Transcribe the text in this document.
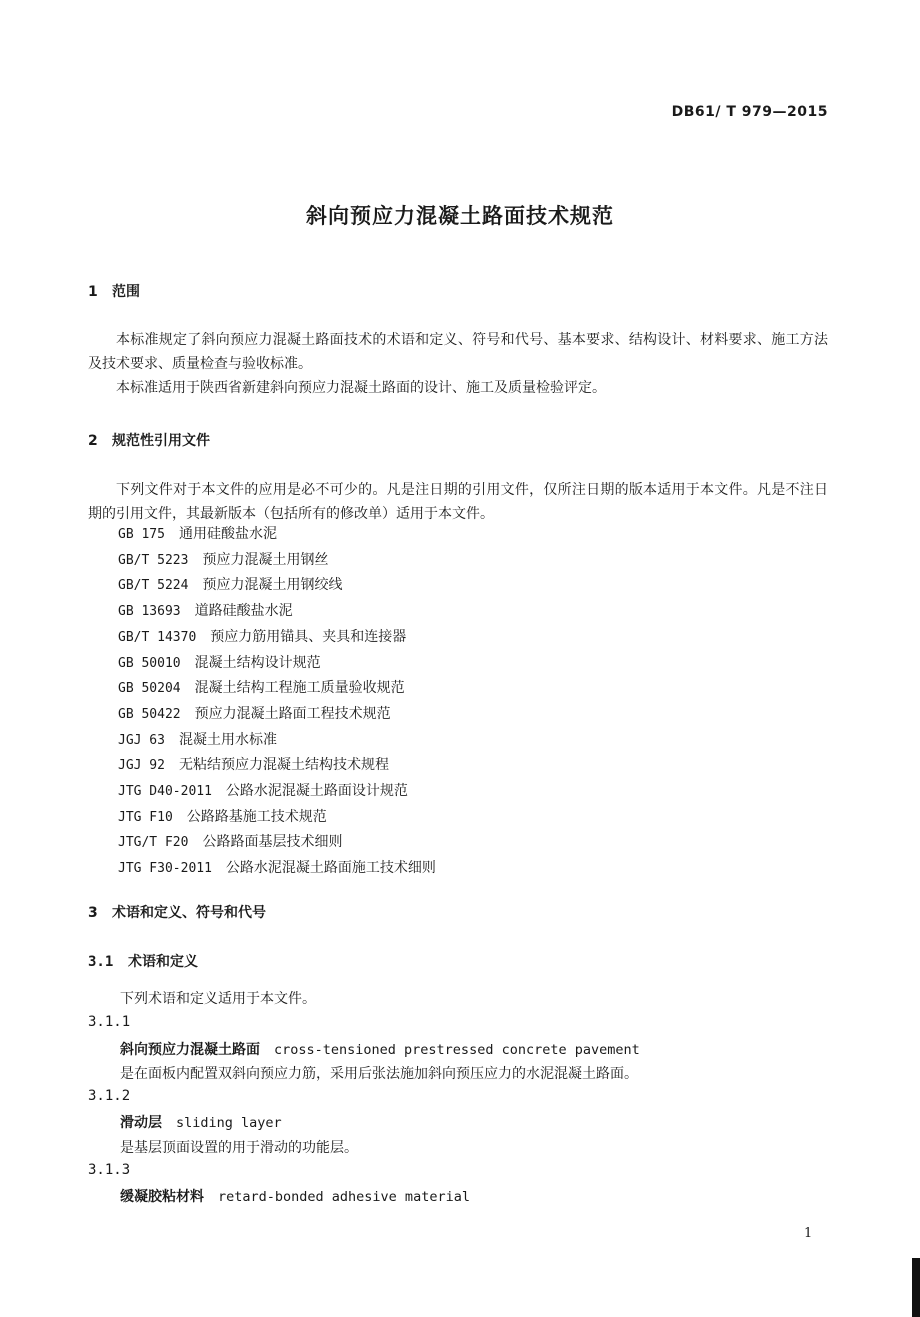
DB61/ T 979—2015
斜向预应力混凝土路面技术规范
1 范围

本标准规定了斜向预应力混凝土路面技术的术语和定义、符号和代号、基本要求、结构设计、材料要求、施工方法及技术要求、质量检查与验收标准。

本标准适用于陕西省新建斜向预应力混凝土路面的设计、施工及质量检验评定。

2 规范性引用文件

下列文件对于本文件的应用是必不可少的。凡是注日期的引用文件，仅所注日期的版本适用于本文件。凡是不注日期的引用文件，其最新版本（包括所有的修改单）适用于本文件。

GB 175 通用硅酸盐水泥
GB/T 5223 预应力混凝土用钢丝
GB/T 5224 预应力混凝土用钢绞线
GB 13693 道路硅酸盐水泥
GB/T 14370 预应力筋用锚具、夹具和连接器
GB 50010 混凝土结构设计规范
GB 50204 混凝土结构工程施工质量验收规范
GB 50422 预应力混凝土路面工程技术规范
JGJ 63 混凝土用水标准
JGJ 92 无粘结预应力混凝土结构技术规程
JTG D40-2011 公路水泥混凝土路面设计规范
JTG F10 公路路基施工技术规范
JTG/T F20 公路路面基层技术细则
JTG F30-2011 公路水泥混凝土路面施工技术细则
3 术语和定义、符号和代号
3.1 术语和定义
下列术语和定义适用于本文件。
3.1.1
斜向预应力混凝土路面 cross-tensioned prestressed concrete pavement
是在面板内配置双斜向预应力筋，采用后张法施加斜向预压应力的水泥混凝土路面。
3.1.2
滑动层 sliding layer
是基层顶面设置的用于滑动的功能层。
3.1.3
缓凝胶粘材料 retard-bonded adhesive material
1
